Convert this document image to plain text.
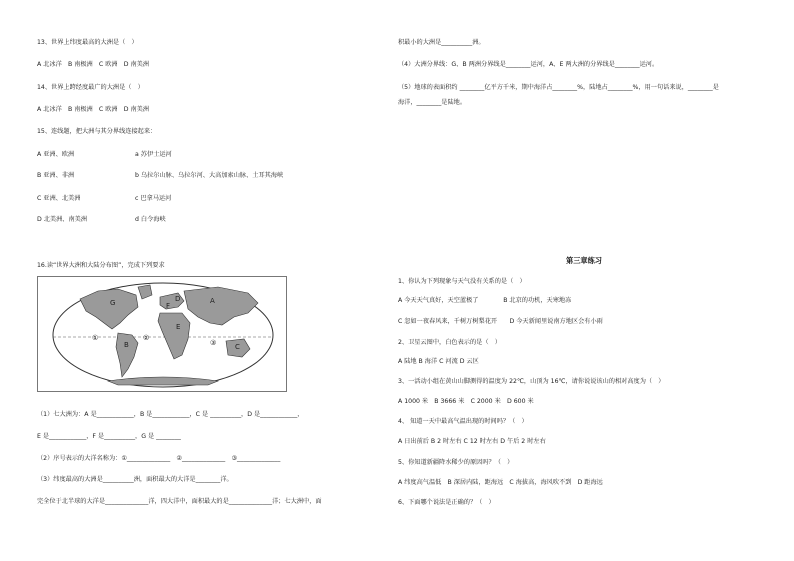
13、世界上纬度最高的大洲是（　）
A 北冰洋　B 南极洲　C 欧洲　D 南美洲
14、世界上跨经度最广的大洲是（　）
A 北冰洋　B 南极洲　C 欧洲　D 南美洲
15、连线题，把大洲与其分界线连接起来：
A 亚洲、欧洲	a 苏伊士运河
B 亚洲、非洲	b 乌拉尔山脉、乌拉尔河、大高加索山脉、土耳其海峡
C 亚洲、北美洲	c 巴拿马运河
D 北美洲、南美洲	d 白令海峡
16.读“世界大洲和大陆分布图”，完成下列要求
G	D	A
F
E
B	C
①	②
③
（1）七大洲为：A 是____________，B 是____________，C 是 __________，D 是____________，
E 是____________，F 是__________，G 是 ________
（2）序号表示的大洋名称为：①______________　②______________　③______________
（3）纬度最高的大洲是__________洲，面积最大的大洋是________洋。
完全位于北半球的大洋是______________洋，四大洋中，面积最大的是______________洋；七大洲中，面
积最小的大洲是__________洲。
（4）大洲分界线：G、B 两洲分界线是________运河，A、E 两大洲的分界线是________运河。
（5）地球的表面积约 ________亿平方千米，期中海洋占________%，陆地占________%，用一句话来说，________是
海洋，________是陆地。
第三章练习
1、你认为下列现象与天气没有关系的是（　）
A 今天天气真好，天空蓝极了　　　　B 北京的功机，天寒地冻
C 忽如一夜春风来，千树万树梨花开　　D 今天新闻里说南方地区会有小雨
2、卫星云图中，白色表示的是（　）
A 陆地 B 海洋 C 河流 D 云区
3、一活动小组在黄山山脚测得的温度为 22℃，山顶为 16℃，请你说说该山的相对高度为（　）
A 1000 米　B 3666 米　C 2000 米　D 600 米
4、 知道一天中最高气温出现的时间吗？（　）
A 日出前后 B 2 时左右 C 12 时左右 D 午后 2 时左右
5、你知道新疆降水稀少的原因吗？（　）
A 纬度高气温低　B 深居内陆，距海远　C 海拔高，海风吹不到　D 距海远
6、下面哪个说法是正确的？（　）
